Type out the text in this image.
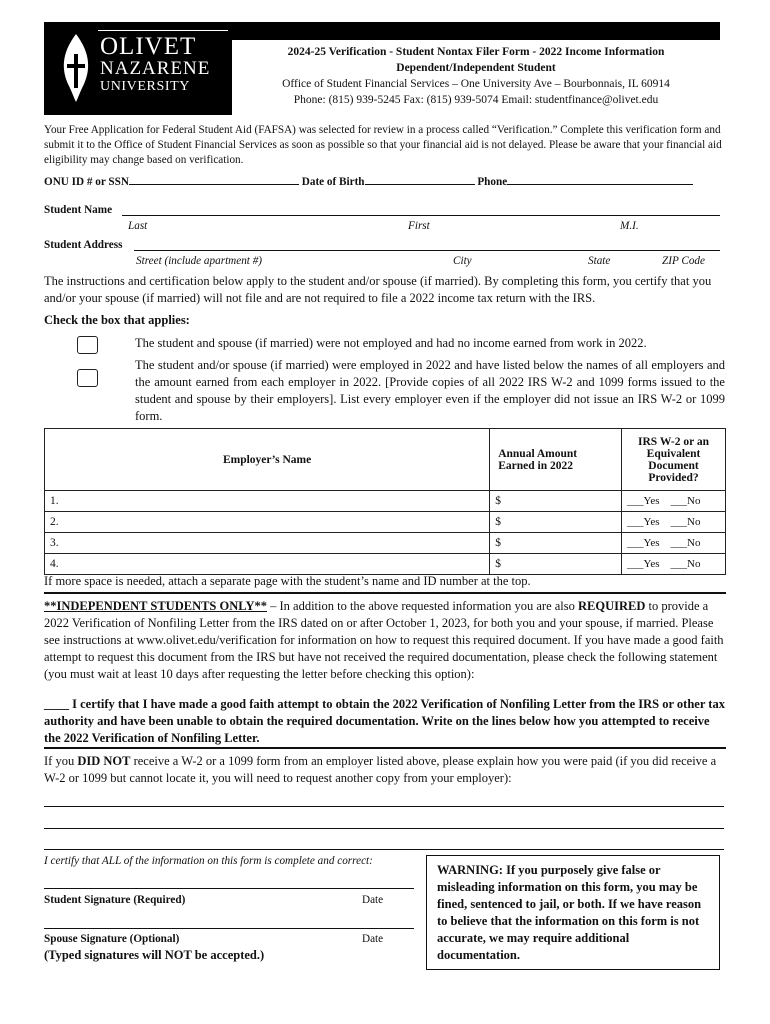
OLIVET
NAZARENE
UNIVERSITY
2024-25 Verification - Student Nontax Filer Form - 2022 Income Information
Dependent/Independent Student
Office of Student Financial Services – One University Ave – Bourbonnais, IL 60914
Phone: (815) 939-5245 Fax: (815) 939-5074 Email: studentfinance@olivet.edu
Your Free Application for Federal Student Aid (FAFSA) was selected for review in a process called “Verification.” Complete this verification form and submit it to the Office of Student Financial Services as soon as possible so that your financial aid is not delayed. Please be aware that your financial aid eligibility may change based on verification.
ONU ID # or SSN	Date of Birth	Phone
Student Name
Last	First	M.I.
Student Address
Street (include apartment #)	City	State	ZIP Code
The instructions and certification below apply to the student and/or spouse (if married). By completing this form, you certify that you and/or your spouse (if married) will not file and are not required to file a 2022 income tax return with the IRS.
Check the box that applies:
The student and spouse (if married) were not employed and had no income earned from work in 2022.
The student and/or spouse (if married) were employed in 2022 and have listed below the names of all employers and the amount earned from each employer in 2022. [Provide copies of all 2022 IRS W-2 and 1099 forms issued to the student and spouse by their employers]. List every employer even if the employer did not issue an IRS W-2 or 1099 form.
Employer’s Name	Annual Amount Earned in 2022	IRS W-2 or an Equivalent Document Provided?
1.	$	___Yes ___No
2.	$	___Yes ___No
3.	$	___Yes ___No
4.	$	___Yes ___No
If more space is needed, attach a separate page with the student’s name and ID number at the top.
**INDEPENDENT STUDENTS ONLY** – In addition to the above requested information you are also REQUIRED to provide a 2022 Verification of Nonfiling Letter from the IRS dated on or after October 1, 2023, for both you and your spouse, if married. Please see instructions at www.olivet.edu/verification for information on how to request this required document. If you have made a good faith attempt to request this document from the IRS but have not received the required documentation, please check the following statement (you must wait at least 10 days after requesting the letter before checking this option):
____ I certify that I have made a good faith attempt to obtain the 2022 Verification of Nonfiling Letter from the IRS or other tax authority and have been unable to obtain the required documentation. Write on the lines below how you attempted to receive the 2022 Verification of Nonfiling Letter.
If you DID NOT receive a W-2 or a 1099 form from an employer listed above, please explain how you were paid (if you did receive a W-2 or 1099 but cannot locate it, you will need to request another copy from your employer):
I certify that ALL of the information on this form is complete and correct:
Student Signature (Required)	Date
Spouse Signature (Optional)	Date
(Typed signatures will NOT be accepted.)
WARNING: If you purposely give false or misleading information on this form, you may be fined, sentenced to jail, or both. If we have reason to believe that the information on this form is not accurate, we may require additional documentation.
